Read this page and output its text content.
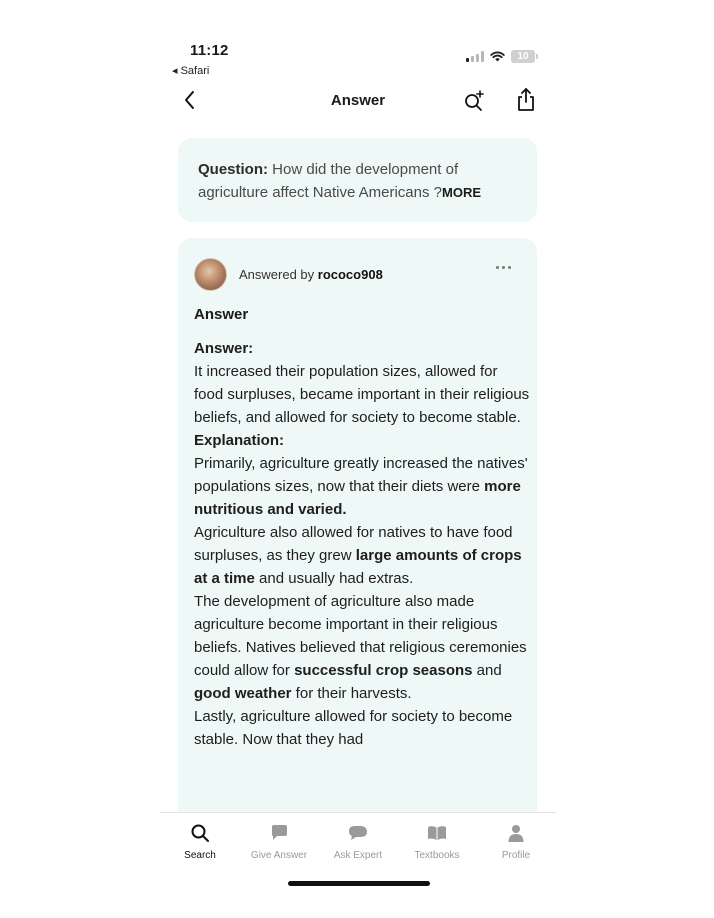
11:12
◂ Safari
10
Answer
Question: How did the development of agriculture affect Native Americans ?MORE
Answered by rococo908
Answer

Answer:

It increased their population sizes, allowed for food surpluses, became important in their religious beliefs, and allowed for society to become stable.

Explanation:

Primarily, agriculture greatly increased the natives' populations sizes, now that their diets were more nutritious and varied.

Agriculture also allowed for natives to have food surpluses, as they grew large amounts of crops at a time and usually had extras.

The development of agriculture also made agriculture become important in their religious beliefs. Natives believed that religious ceremonies could allow for successful crop seasons and good weather for their harvests.

Lastly, agriculture allowed for society to become stable. Now that they had

Search	Give Answer	Ask Expert	Textbooks	Profile
